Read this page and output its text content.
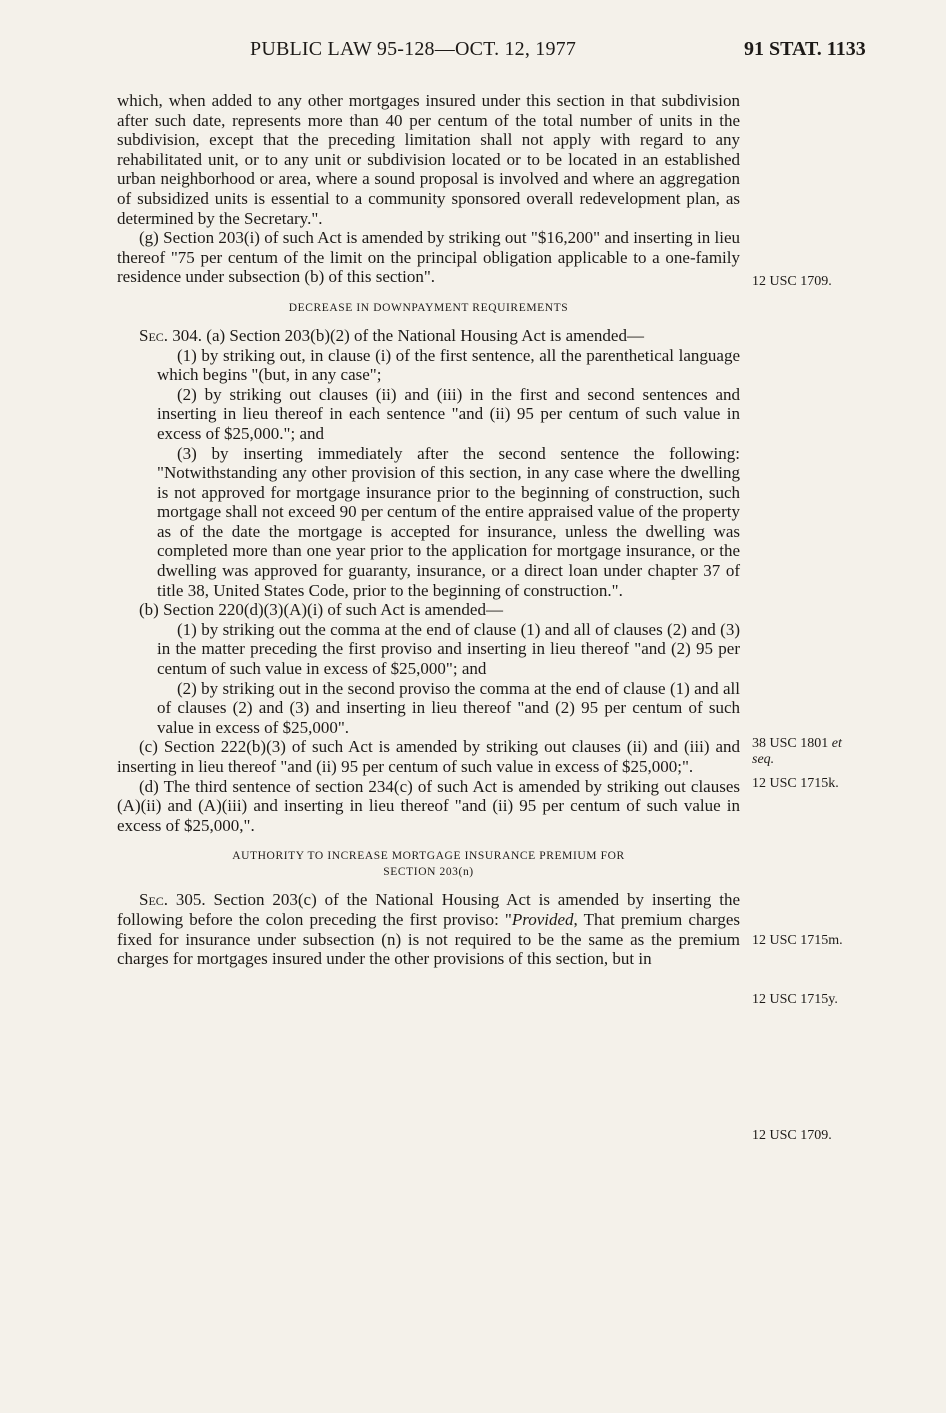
PUBLIC LAW 95-128—OCT. 12, 1977	91 STAT. 1133

which, when added to any other mortgages insured under this section in that subdivision after such date, represents more than 40 per centum of the total number of units in the subdivision, except that the preceding limitation shall not apply with regard to any rehabilitated unit, or to any unit or subdivision located or to be located in an established urban neighborhood or area, where a sound proposal is involved and where an aggregation of subsidized units is essential to a community sponsored overall redevelopment plan, as determined by the Secretary.".

(g) Section 203(i) of such Act is amended by striking out "$16,200" and inserting in lieu thereof "75 per centum of the limit on the principal obligation applicable to a one-family residence under subsection (b) of this section".

DECREASE IN DOWNPAYMENT REQUIREMENTS

Sec. 304. (a) Section 203(b)(2) of the National Housing Act is amended—

(1) by striking out, in clause (i) of the first sentence, all the parenthetical language which begins "(but, in any case";

(2) by striking out clauses (ii) and (iii) in the first and second sentences and inserting in lieu thereof in each sentence "and (ii) 95 per centum of such value in excess of $25,000."; and

(3) by inserting immediately after the second sentence the following: "Notwithstanding any other provision of this section, in any case where the dwelling is not approved for mortgage insurance prior to the beginning of construction, such mortgage shall not exceed 90 per centum of the entire appraised value of the property as of the date the mortgage is accepted for insurance, unless the dwelling was completed more than one year prior to the application for mortgage insurance, or the dwelling was approved for guaranty, insurance, or a direct loan under chapter 37 of title 38, United States Code, prior to the beginning of construction.".

(b) Section 220(d)(3)(A)(i) of such Act is amended—

(1) by striking out the comma at the end of clause (1) and all of clauses (2) and (3) in the matter preceding the first proviso and inserting in lieu thereof "and (2) 95 per centum of such value in excess of $25,000"; and

(2) by striking out in the second proviso the comma at the end of clause (1) and all of clauses (2) and (3) and inserting in lieu thereof "and (2) 95 per centum of such value in excess of $25,000".

(c) Section 222(b)(3) of such Act is amended by striking out clauses (ii) and (iii) and inserting in lieu thereof "and (ii) 95 per centum of such value in excess of $25,000;".

(d) The third sentence of section 234(c) of such Act is amended by striking out clauses (A)(ii) and (A)(iii) and inserting in lieu thereof "and (ii) 95 per centum of such value in excess of $25,000,".

AUTHORITY TO INCREASE MORTGAGE INSURANCE PREMIUM FOR
SECTION 203(n)

Sec. 305. Section 203(c) of the National Housing Act is amended by inserting the following before the colon preceding the first proviso: "Provided, That premium charges fixed for insurance under subsection (n) is not required to be the same as the premium charges for mortgages insured under the other provisions of this section, but in

12 USC 1709.
38 USC 1801 et
seq.
12 USC 1715k.
12 USC 1715m.
12 USC 1715y.
12 USC 1709.
